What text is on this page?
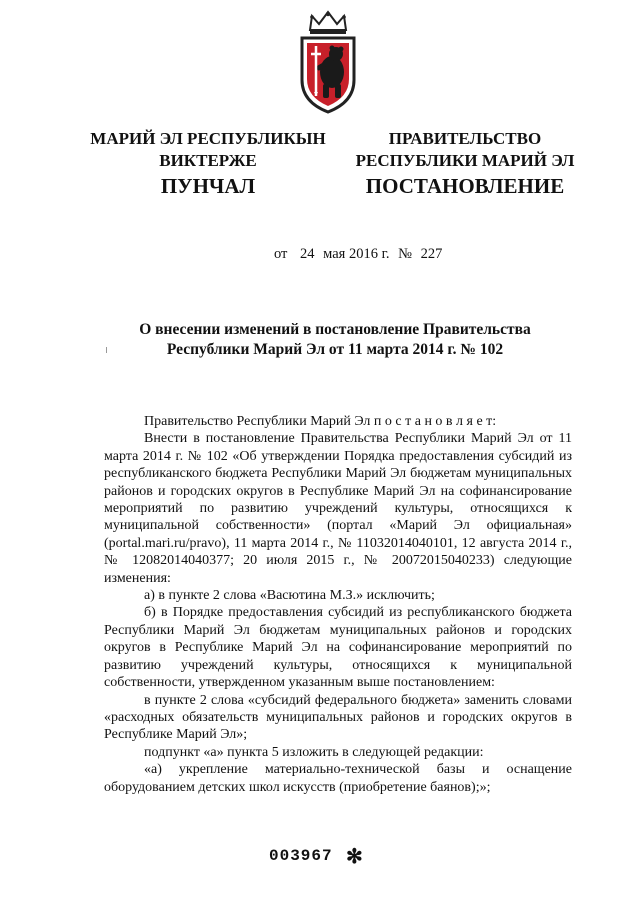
МАРИЙ ЭЛ РЕСПУБЛИКЫН
ВИКТЕРЖЕ
ПРАВИТЕЛЬСТВО
РЕСПУБЛИКИ МАРИЙ ЭЛ
ПУНЧАЛ	ПОСТАНОВЛЕНИЕ
от 24 мая 2016 г. № 227
О внесении изменений в постановление Правительства
Республики Марий Эл от 11 марта 2014 г. № 102

Правительство Республики Марий Эл п о с т а н о в л я е т:

Внести в постановление Правительства Республики Марий Эл от 11 марта 2014 г. № 102 «Об утверждении Порядка предоставления субсидий из республиканского бюджета Республики Марий Эл бюджетам муниципальных районов и городских округов в Республике Марий Эл на софинансирование мероприятий по развитию учреждений культуры, относящихся к муниципальной собственности» (портал «Марий Эл официальная» (portal.mari.ru/pravo), 11 марта 2014 г., № 11032014040101, 12 августа 2014 г., № 12082014040377; 20 июля 2015 г., № 20072015040233) следующие изменения:

а) в пункте 2 слова «Васютина М.З.» исключить;

б) в Порядке предоставления субсидий из республиканского бюджета Республики Марий Эл бюджетам муниципальных районов и городских округов в Республике Марий Эл на софинансирование мероприятий по развитию учреждений культуры, относящихся к муниципальной собственности, утвержденном указанным выше постановлением:

в пункте 2 слова «субсидий федерального бюджета» заменить словами «расходных обязательств муниципальных районов и городских округов в Республике Марий Эл»;

подпункт «а» пункта 5 изложить в следующей редакции:

«а) укрепление материально-технической базы и оснащение оборудованием детских школ искусств (приобретение баянов);»;

003967 ✻
